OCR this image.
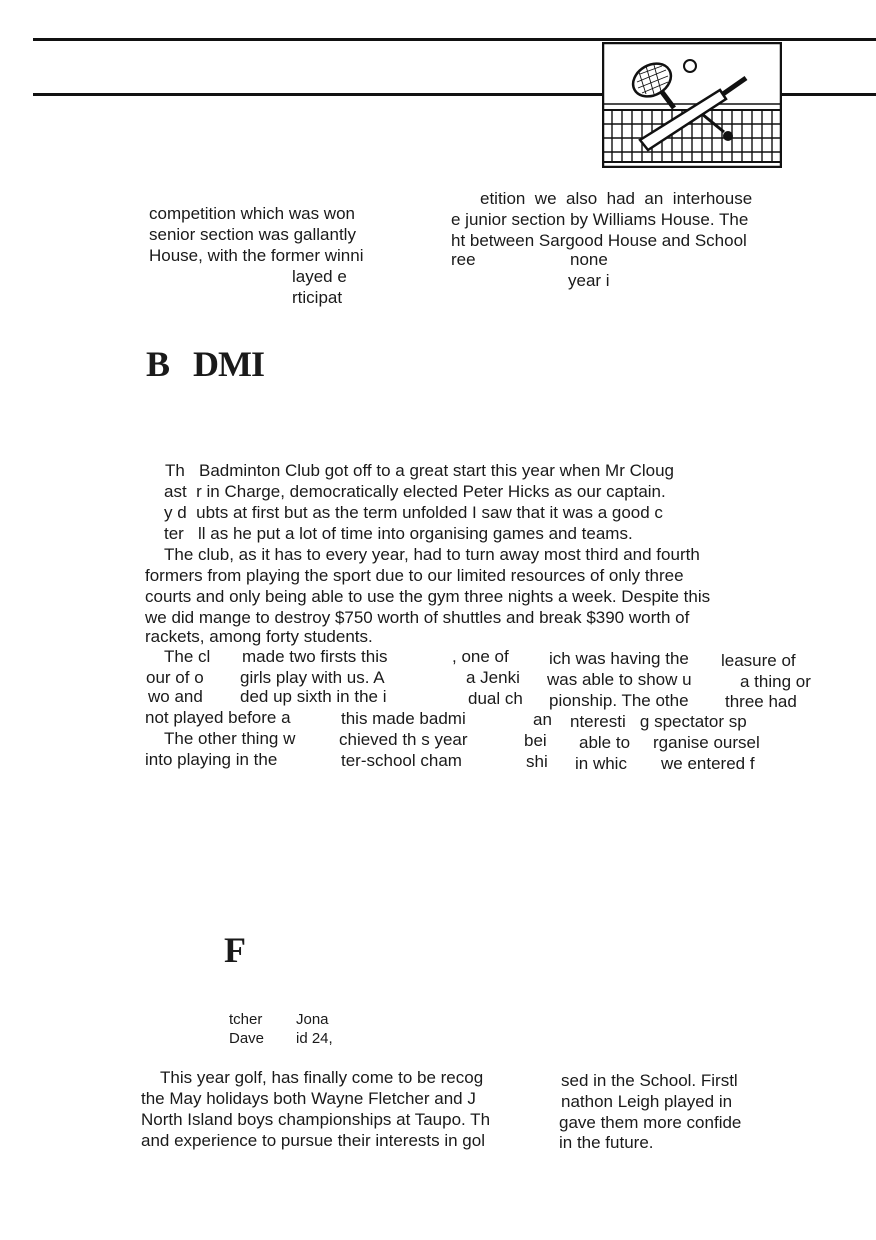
competition which was won
senior section was gallantly
House, with the former winni
layed e
rticipat
etition  we  also  had  an  interhouse
e junior section by Williams House. The
ht between Sargood House and School
ree	none
year i
B   DMI
Th   Badminton Club got off to a great start this year when Mr Cloug
ast  r in Charge, democratically elected Peter Hicks as our captain.
y d  ubts at first but as the term unfolded I saw that it was a good c
ter   ll as he put a lot of time into organising games and teams.
The club, as it has to every year, had to turn away most third and fourth
formers from playing the sport due to our limited resources of only three
courts and only being able to use the gym three nights a week. Despite this
we did mange to destroy $750 worth of shuttles and break $390 worth of
rackets, among forty students.
The cl made two firsts this	, one of ich was having the leasure of
our of o girls play with us. A	a Jenki was able to show u	a thing or
wo and ded up sixth in the i	dual ch pionship. The othe three had
not played before a	this made badmi	an nteresti   g spectator sp
The other thing w	chieved th s year	bei able to rganise oursel
into playing in the	ter-school cham	shi in whic we entered f
F
tcher Jona
Dave id 24,
This year golf, has finally come to be recog	sed in the School. Firstl
the May holidays both Wayne Fletcher and J	nathon Leigh played in
North Island boys championships at Taupo. Th	gave them more confide
and experience to pursue their interests in gol	in the future.
